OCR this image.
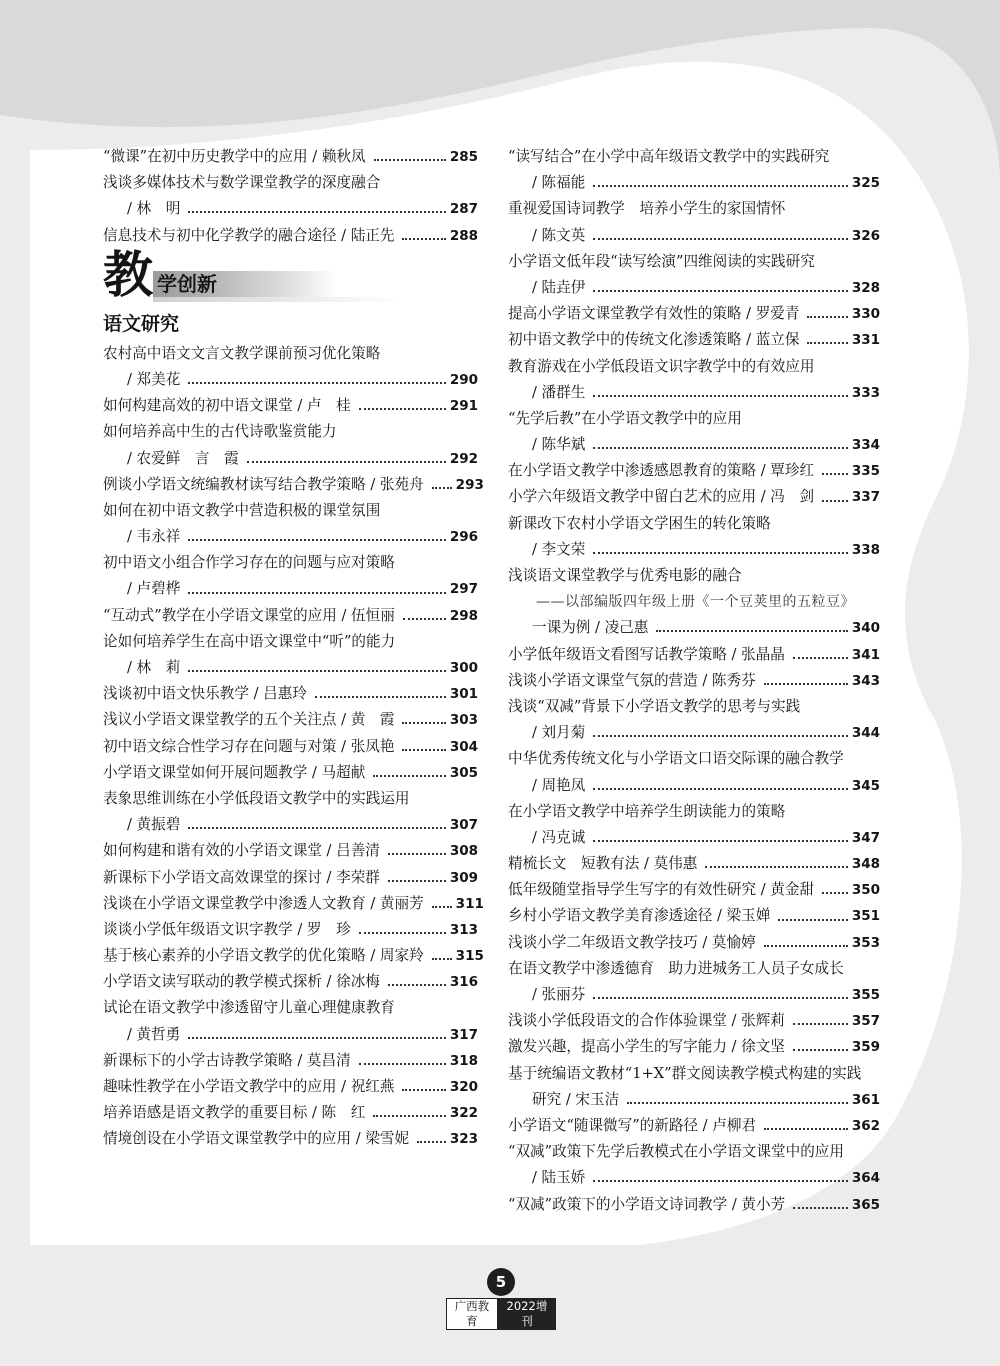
“微课”在初中历史教学中的应用 / 赖秋凤	285
浅谈多媒体技术与数学课堂教学的深度融合
/ 林　明	287
信息技术与初中化学教学的融合途径 / 陆正先	288
教 学创新
语文研究
农村高中语文文言文教学课前预习优化策略
/ 郑美花	290
如何构建高效的初中语文课堂 / 卢　桂	291
如何培养高中生的古代诗歌鉴赏能力
/ 农爱鲜　言　霞	292
例谈小学语文统编教材读写结合教学策略 / 张苑舟 293
如何在初中语文教学中营造积极的课堂氛围
/ 韦永祥	296
初中语文小组合作学习存在的问题与应对策略
/ 卢碧桦	297
“互动式”教学在小学语文课堂的应用 / 伍恒丽	298
论如何培养学生在高中语文课堂中“听”的能力
/ 林　莉	300
浅谈初中语文快乐教学 / 吕惠玲	301
浅议小学语文课堂教学的五个关注点 / 黄　霞	303
初中语文综合性学习存在问题与对策 / 张凤艳	304
小学语文课堂如何开展问题教学 / 马超献	305
表象思维训练在小学低段语文教学中的实践运用
/ 黄振碧	307
如何构建和谐有效的小学语文课堂 / 吕善清	308
新课标下小学语文高效课堂的探讨 / 李荣群	309
浅谈在小学语文课堂教学中渗透人文教育 / 黄丽芳 311
谈谈小学低年级语文识字教学 / 罗　珍	313
基于核心素养的小学语文教学的优化策略 / 周家羚 315
小学语文读写联动的教学模式探析 / 徐冰梅	316
试论在语文教学中渗透留守儿童心理健康教育
/ 黄哲勇	317
新课标下的小学古诗教学策略 / 莫昌清	318
趣味性教学在小学语文教学中的应用 / 祝红燕	320
培养语感是语文教学的重要目标 / 陈　红	322
情境创设在小学语文课堂教学中的应用 / 梁雪妮	323
“读写结合”在小学中高年级语文教学中的实践研究
/ 陈福能	325
重视爱国诗词教学　培养小学生的家国情怀
/ 陈文英	326
小学语文低年段“读写绘演”四维阅读的实践研究
/ 陆垚伊	328
提高小学语文课堂教学有效性的策略 / 罗爱青	330
初中语文教学中的传统文化渗透策略 / 蓝立保	331
教育游戏在小学低段语文识字教学中的有效应用
/ 潘群生	333
“先学后教”在小学语文教学中的应用
/ 陈华斌	334
在小学语文教学中渗透感恩教育的策略 / 覃珍红	335
小学六年级语文教学中留白艺术的应用 / 冯　剑	337
新课改下农村小学语文学困生的转化策略
/ 李文荣	338
浅谈语文课堂教学与优秀电影的融合
——以部编版四年级上册《一个豆荚里的五粒豆》
一课为例 / 凌己惠	340
小学低年级语文看图写话教学策略 / 张晶晶	341
浅谈小学语文课堂气氛的营造 / 陈秀芬	343
浅谈“双减”背景下小学语文教学的思考与实践
/ 刘月菊	344
中华优秀传统文化与小学语文口语交际课的融合教学
/ 周艳凤	345
在小学语文教学中培养学生朗读能力的策略
/ 冯克诚	347
精梳长文　短教有法 / 莫伟惠	348
低年级随堂指导学生写字的有效性研究 / 黄金甜	350
乡村小学语文教学美育渗透途径 / 梁玉婵	351
浅谈小学二年级语文教学技巧 / 莫愉婷	353
在语文教学中渗透德育　助力进城务工人员子女成长
/ 张丽芬	355
浅谈小学低段语文的合作体验课堂 / 张辉莉	357
激发兴趣，提高小学生的写字能力 / 徐文坚	359
基于统编语文教材“1+X”群文阅读教学模式构建的实践
研究 / 宋玉洁	361
小学语文“随课微写”的新路径 / 卢柳君	362
“双减”政策下先学后教模式在小学语文课堂中的应用
/ 陆玉娇	364
“双减”政策下的小学语文诗词教学 / 黄小芳	365
5
广西教育
2022增刊
